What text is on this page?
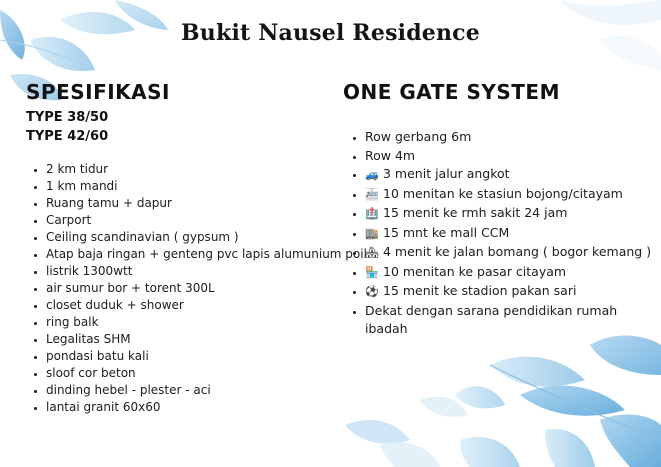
Bukit Nausel Residence
SPESIFIKASI
TYPE 38/50
TYPE 42/60
• 2 km tidur
• 1 km mandi
• Ruang tamu + dapur
• Carport
• Ceiling scandinavian ( gypsum )
• Atap baja ringan + genteng pvc lapis alumunium poil
• listrik 1300wtt
• air sumur bor + torent 300L
• closet duduk + shower
• ring balk
• Legalitas SHM
• pondasi batu kali
• sloof cor beton
• dinding hebel - plester - aci
• lantai granit 60x60
ONE GATE SYSTEM
• Row gerbang 6m
• Row 4m
• 🚙 3 menit jalur angkot
• 🚈 10 menitan ke stasiun bojong/citayam
• 🏥 15 menit ke rmh sakit 24 jam
• 🏬 15 mnt ke mall CCM
• 🏘 4 menit ke jalan bomang ( bogor kemang )
• 🏪 10 menitan ke pasar citayam
• ⚽ 15 menit ke stadion pakan sari
• Dekat dengan sarana pendidikan rumah ibadah
